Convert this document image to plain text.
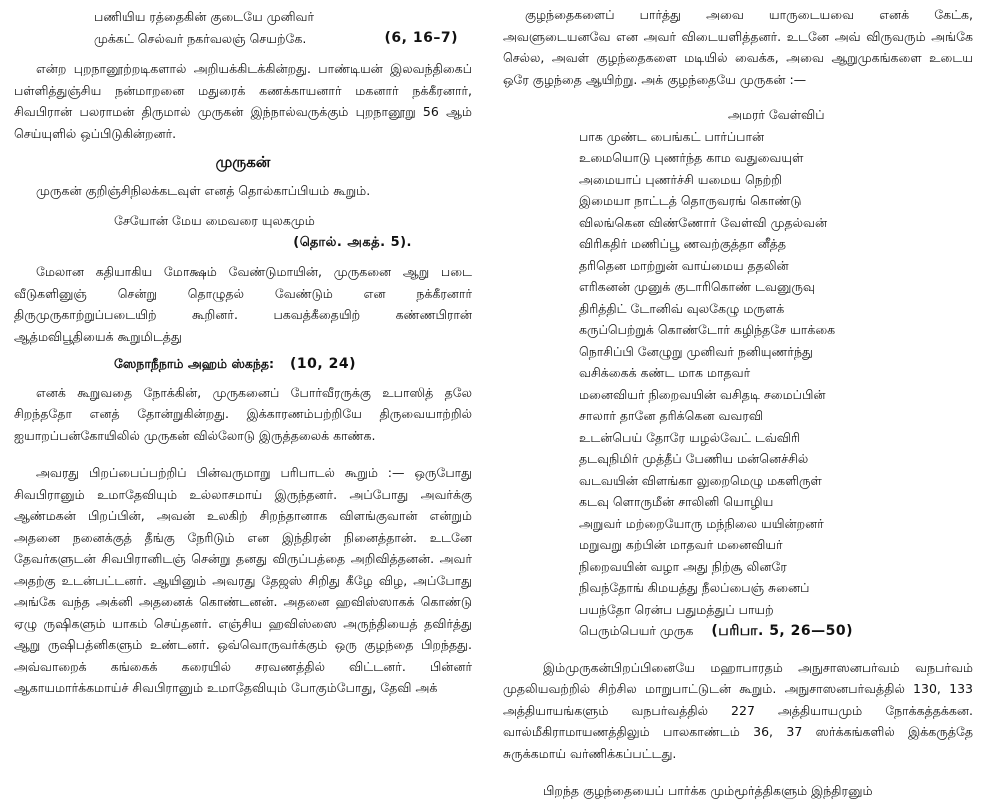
பணியிய ரத்தைகின் குடையே முனிவர்

முக்கட் செல்வர் நகர்வலஞ் செயற்கே.	(6, 16–7)

என்ற புறநானூற்றடிகளால் அறியக்கிடக்கின்றது. பாண்டியன் இலவந்திகைப் பள்ளித்துஞ்சிய நன்மாறனை மதுரைக் கணக்காயனார் மகனார் நக்கீரனார், சிவபிரான் பலராமன் திருமால் முருகன் இந்நால்வருக்கும் புறநானூறு 56 ஆம் செய்யுளில் ஒப்பிடுகின்றனர்.

முருகன்

முருகன் குறிஞ்சிநிலக்கடவுள் எனத் தொல்காப்பியம் கூறும்.

சேயோன் மேய மைவரை யுலகமும்

(தொல். அகத். 5).

மேலான கதியாகிய மோக்ஷம் வேண்டுமாயின், முருகனை ஆறு படை வீடுகளினுஞ் சென்று தொழுதல் வேண்டும் என நக்கீரனார் திருமுருகாற்றுப்படையிற் கூறினர். பகவத்கீதையிற் கண்ணபிரான் ஆத்மவிபூதியைக் கூறுமிடத்து

ஸேநாநீநாம் அஹம் ஸ்கந்த: (10, 24)

எனக் கூறுவதை நோக்கின், முருகனைப் போர்வீரருக்கு உபாஸித் தலே சிறந்ததோ எனத் தோன்றுகின்றது. இக்காரணம்பற்றியே திருவையாற்றில் ஐயாறப்பன்கோயிலில் முருகன் வில்லோடு இருத்தலைக் காண்க.

அவரது பிறப்பைப்பற்றிப் பின்வருமாறு பரிபாடல் கூறும் :— ஒருபோது சிவபிரானும் உமாதேவியும் உல்லாசமாய் இருந்தனர். அப்போது அவர்க்கு ஆண்மகன் பிறப்பின், அவன் உலகிற் சிறந்தானாக விளங்குவான் என்றும் அதனை நனைக்குத் தீங்கு நேரிடும் என இந்திரன் நினைத்தான். உடனே தேவர்களுடன் சிவபிரானிடஞ் சென்று தனது விருப்பத்தை அறிவித்தனன். அவர் அதற்கு உடன்பட்டனர். ஆயினும் அவரது தேஜஸ் சிறிது கீழே விழ, அப்போது அங்கே வந்த அக்னி அதனைக் கொண்டனன். அதனை ஹவிஸ்ஸாகக் கொண்டு ஏழு ருஷிகளும் யாகம் செய்தனர். எஞ்சிய ஹவிஸ்ஸை அருந்தியைத் தவிர்த்து ஆறு ருஷிபத்னிகளும் உண்டனர். ஒவ்வொருவர்க்கும் ஒரு குழந்தை பிறந்தது. அவ்வாறைக் கங்கைக் கரையில் சரவணத்தில் விட்டனர். பின்னர் ஆகாயமார்க்கமாய்ச் சிவபிரானும் உமாதேவியும் போகும்போது, தேவி அக்

குழந்தைகளைப் பார்த்து அவை யாருடையவை எனக் கேட்க, அவளுடையனவே என அவர் விடையளித்தனர். உடனே அவ் விருவரும் அங்கே செல்ல, அவள் குழந்தைகளை மடியில் வைக்க, அவை ஆறுமுகங்களை உடைய ஒரே குழந்தை ஆயிற்று. அக் குழந்தையே முருகன் :—

அமரர் வேள்விப்

பாக முண்ட பைங்கட் பார்ப்பான்
உமையொடு புணர்ந்த காம வதுவையுள்
அமையாப் புணர்ச்சி யமைய நெற்றி
இமையா நாட்டத் தொருவரங் கொண்டு
விலங்கென விண்ணோர் வேள்வி முதல்வன்
விரிகதிர் மணிப்பூ ணவற்குத்தா னீத்த
தரிதென மாற்றுன் வாய்மைய ததலின்
எரிகனன் முனுக் குடாரிகொண் டவனுருவு
திரித்திட் டோனிவ் வுலகேழு மருளக்
கருப்பெற்றுக் கொண்டோர் கழிந்தசே யாக்கை
நொசிப்பி னேழுறு முனிவர் நனியுணர்ந்து
வசிக்கைக் கண்ட மாக மாதவர்
மனைவியர் நிறைவயின் வசிதடி சமைப்பின்
சாலார் தானே தரிக்கென வவரவி
உடன்பெய் தோரே யழல்வேட் டவ்விரி
தடவுநிமிர் முத்தீப் பேணிய மன்னெச்சில்
வடவயின் விளங்கா லுறைமெழு மகளிருள்
கடவு ளொருமீன் சாலினி யொழிய
அறுவர் மற்றையோரு மந்நிலை யயின்றனர்
மறுவறு கற்பின் மாதவர் மனைவியர்
நிறைவயின் வழா அது நிற்சூ லினரே
நிவந்தோங் கிமயத்து நீலப்பைஞ் சுனைப்
பயந்தோ ரென்ப பதுமத்துப் பாயற்

பெரும்பெயர் முருக (பரிபா. 5, 26—50)

இம்முருகன்பிறப்பினையே மஹாபாரதம் அநுசாஸனபர்வம் வநபர்வம் முதலியவற்றில் சிற்சில மாறுபாட்டுடன் கூறும். அநுசாஸனபர்வத்தில் 130, 133 அத்தியாயங்களும் வநபர்வத்தில் 227 அத்தியாயமும் நோக்கத்தக்கன. வால்மீகிராமாயணத்திலும் பாலகாண்டம் 36, 37 ஸர்க்கங்களில் இக்கருத்தே சுருக்கமாய் வர்ணிக்கப்பட்டது.

பிறந்த குழந்தையைப் பார்க்க மும்மூர்த்திகளும் இந்திரனும்
